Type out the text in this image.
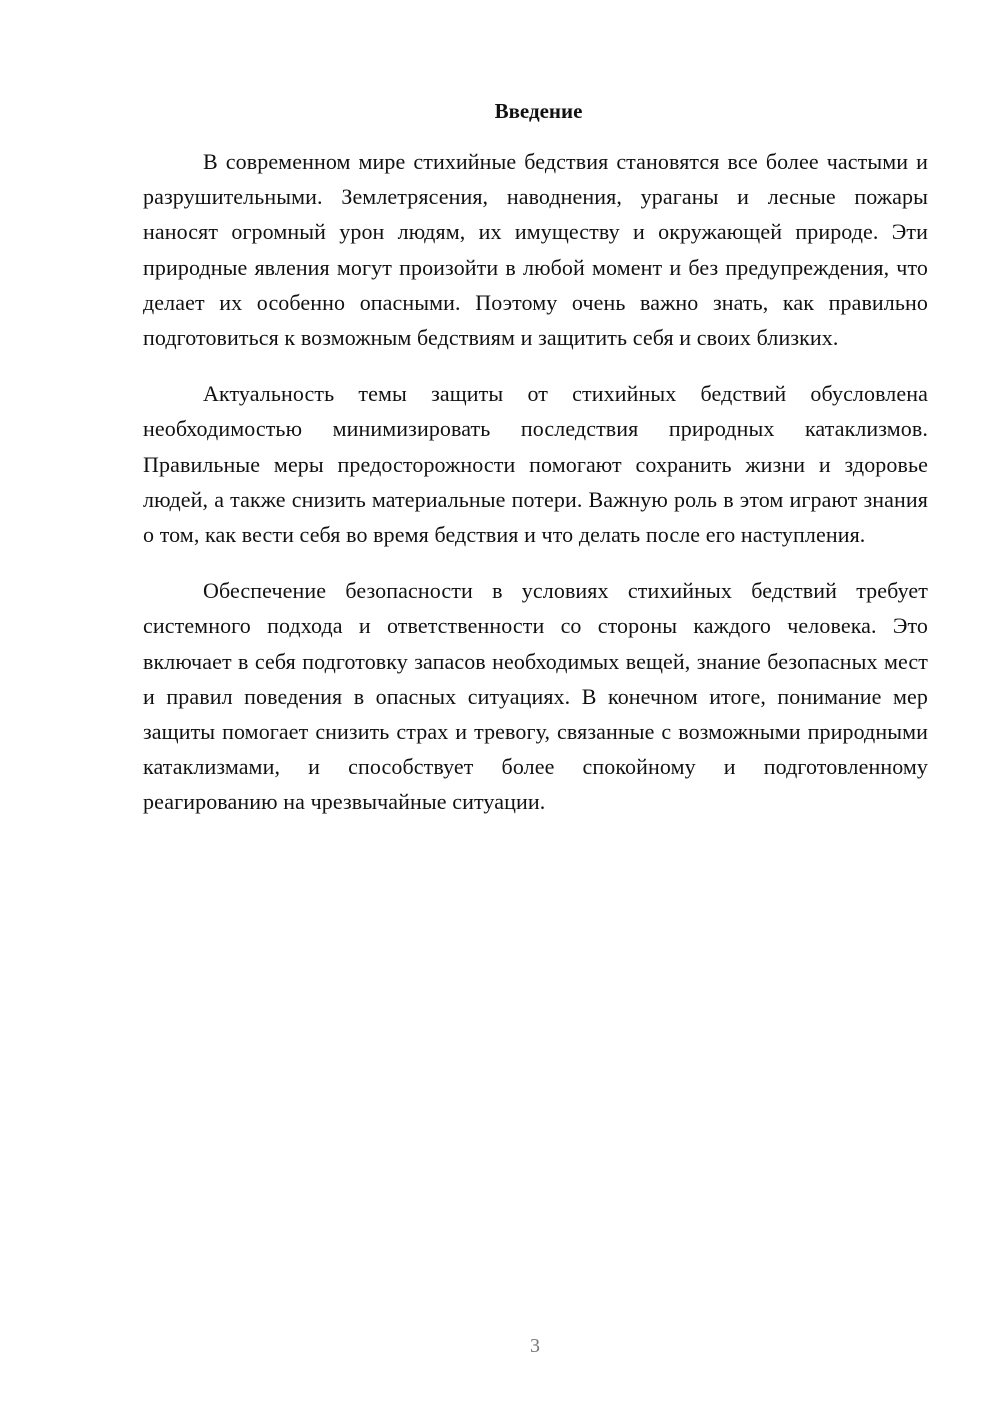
Введение

В современном мире стихийные бедствия становятся все более частыми и разрушительными. Землетрясения, наводнения, ураганы и лесные пожары наносят огромный урон людям, их имуществу и окружающей природе. Эти природные явления могут произойти в любой момент и без предупреждения, что делает их особенно опасными. Поэтому очень важно знать, как правильно подготовиться к возможным бедствиям и защитить себя и своих близких.

Актуальность темы защиты от стихийных бедствий обусловлена необходимостью минимизировать последствия природных катаклизмов. Правильные меры предосторожности помогают сохранить жизни и здоровье людей, а также снизить материальные потери. Важную роль в этом играют знания о том, как вести себя во время бедствия и что делать после его наступления.

Обеспечение безопасности в условиях стихийных бедствий требует системного подхода и ответственности со стороны каждого человека. Это включает в себя подготовку запасов необходимых вещей, знание безопасных мест и правил поведения в опасных ситуациях. В конечном итоге, понимание мер защиты помогает снизить страх и тревогу, связанные с возможными природными катаклизмами, и способствует более спокойному и подготовленному реагированию на чрезвычайные ситуации.

3
